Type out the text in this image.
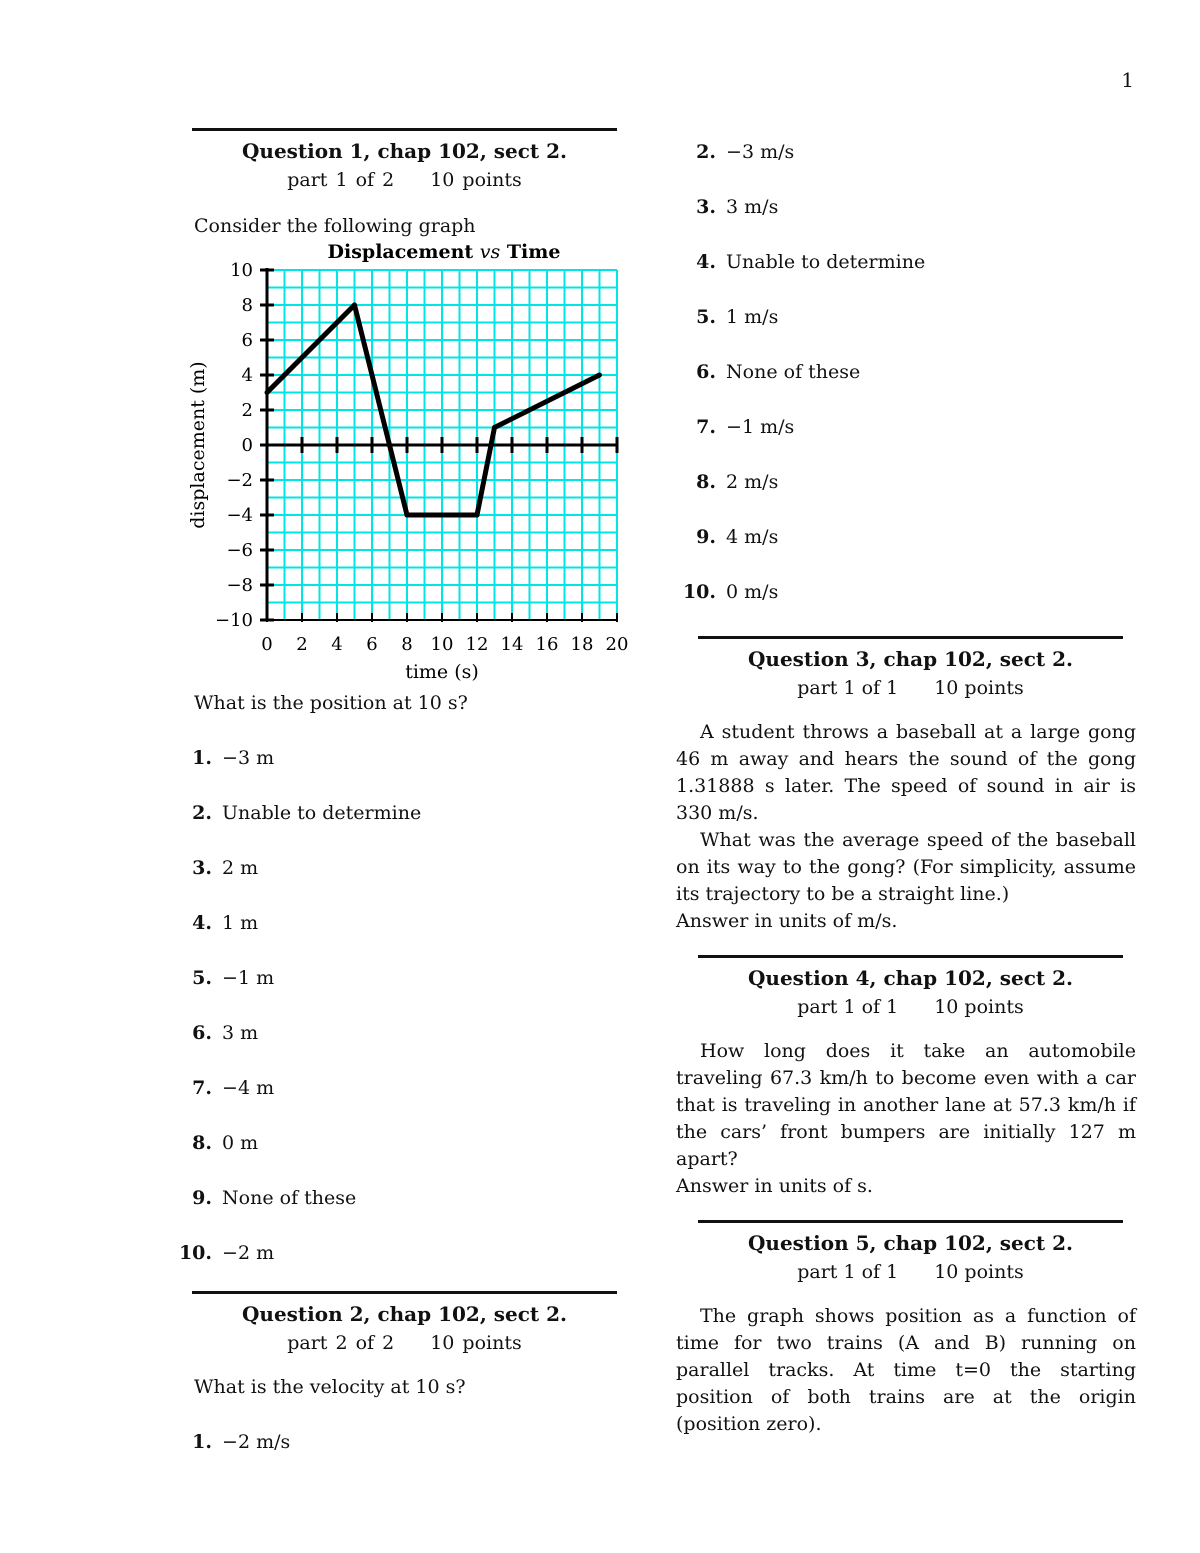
1
Question 1, chap 102, sect 2.
part 1 of 2 10 points
Consider the following graph
Displacement vs Time
10
8
6
4
2
0
−2
−4
−6
−8
−10
0 2 4 6 8 10 12 14 16 18 20
time (s)
displacement (m)
What is the position at 10 s?
1. −3 m
2. Unable to determine
3. 2 m
4. 1 m
5. −1 m
6. 3 m
7. −4 m
8. 0 m
9. None of these
10. −2 m
Question 2, chap 102, sect 2.
part 2 of 2 10 points
What is the velocity at 10 s?
1. −2 m/s
2. −3 m/s
3. 3 m/s
4. Unable to determine
5. 1 m/s
6. None of these
7. −1 m/s
8. 2 m/s
9. 4 m/s
10. 0 m/s
Question 3, chap 102, sect 2.
part 1 of 1 10 points

A student throws a baseball at a large gong 46 m away and hears the sound of the gong 1.31888 s later. The speed of sound in air is 330 m/s.

What was the average speed of the baseball on its way to the gong? (For simplicity, assume its trajectory to be a straight line.)

Answer in units of m/s.

Question 4, chap 102, sect 2.
part 1 of 1 10 points

How long does it take an automobile traveling 67.3 km/h to become even with a car that is traveling in another lane at 57.3 km/h if the cars’ front bumpers are initially 127 m apart?

Answer in units of s.

Question 5, chap 102, sect 2.
part 1 of 1 10 points

The graph shows position as a function of time for two trains (A and B) running on parallel tracks. At time t=0 the starting position of both trains are at the origin (position zero).
